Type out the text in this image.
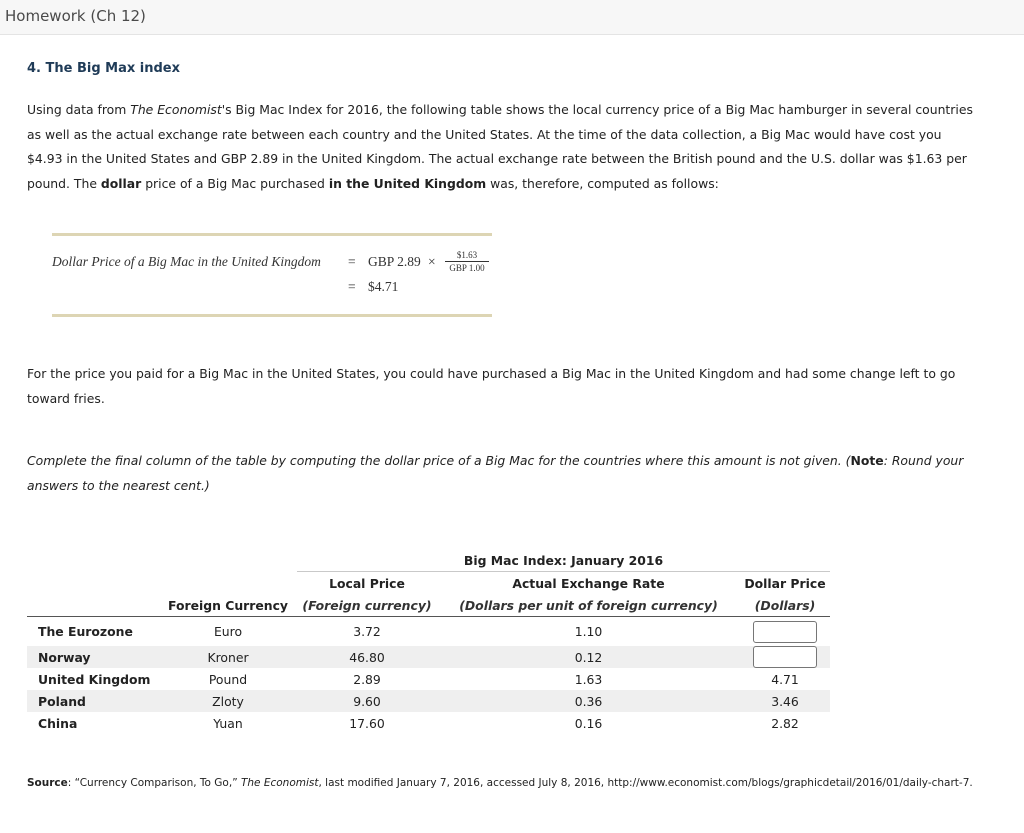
Homework (Ch 12)
4. The Big Max index
Using data from The Economist's Big Mac Index for 2016, the following table shows the local currency price of a Big Mac hamburger in several countries as well as the actual exchange rate between each country and the United States. At the time of the data collection, a Big Mac would have cost you $4.93 in the United States and GBP 2.89 in the United Kingdom. The actual exchange rate between the British pound and the U.S. dollar was $1.63 per pound. The dollar price of a Big Mac purchased in the United Kingdom was, therefore, computed as follows:
Dollar Price of a Big Mac in the United Kingdom = GBP 2.89 ×	$1.63
GBP 1.00
= $4.71
For the price you paid for a Big Mac in the United States, you could have purchased a Big Mac in the United Kingdom and had some change left to go toward fries.
Complete the final column of the table by computing the dollar price of a Big Mac for the countries where this amount is not given. (Note: Round your answers to the nearest cent.)
		Big Mac Index: January 2016		
		Local Price	Actual Exchange Rate	Dollar Price
	Foreign Currency	(Foreign currency)	(Dollars per unit of foreign currency)	(Dollars)
The Eurozone	Euro	3.72	1.10	
Norway	Kroner	46.80	0.12	
United Kingdom	Pound	2.89	1.63	4.71
Poland	Zloty	9.60	0.36	3.46
China	Yuan	17.60	0.16	2.82
Source: “Currency Comparison, To Go,” The Economist, last modified January 7, 2016, accessed July 8, 2016, http://www.economist.com/blogs/graphicdetail/2016/01/daily-chart-7.
